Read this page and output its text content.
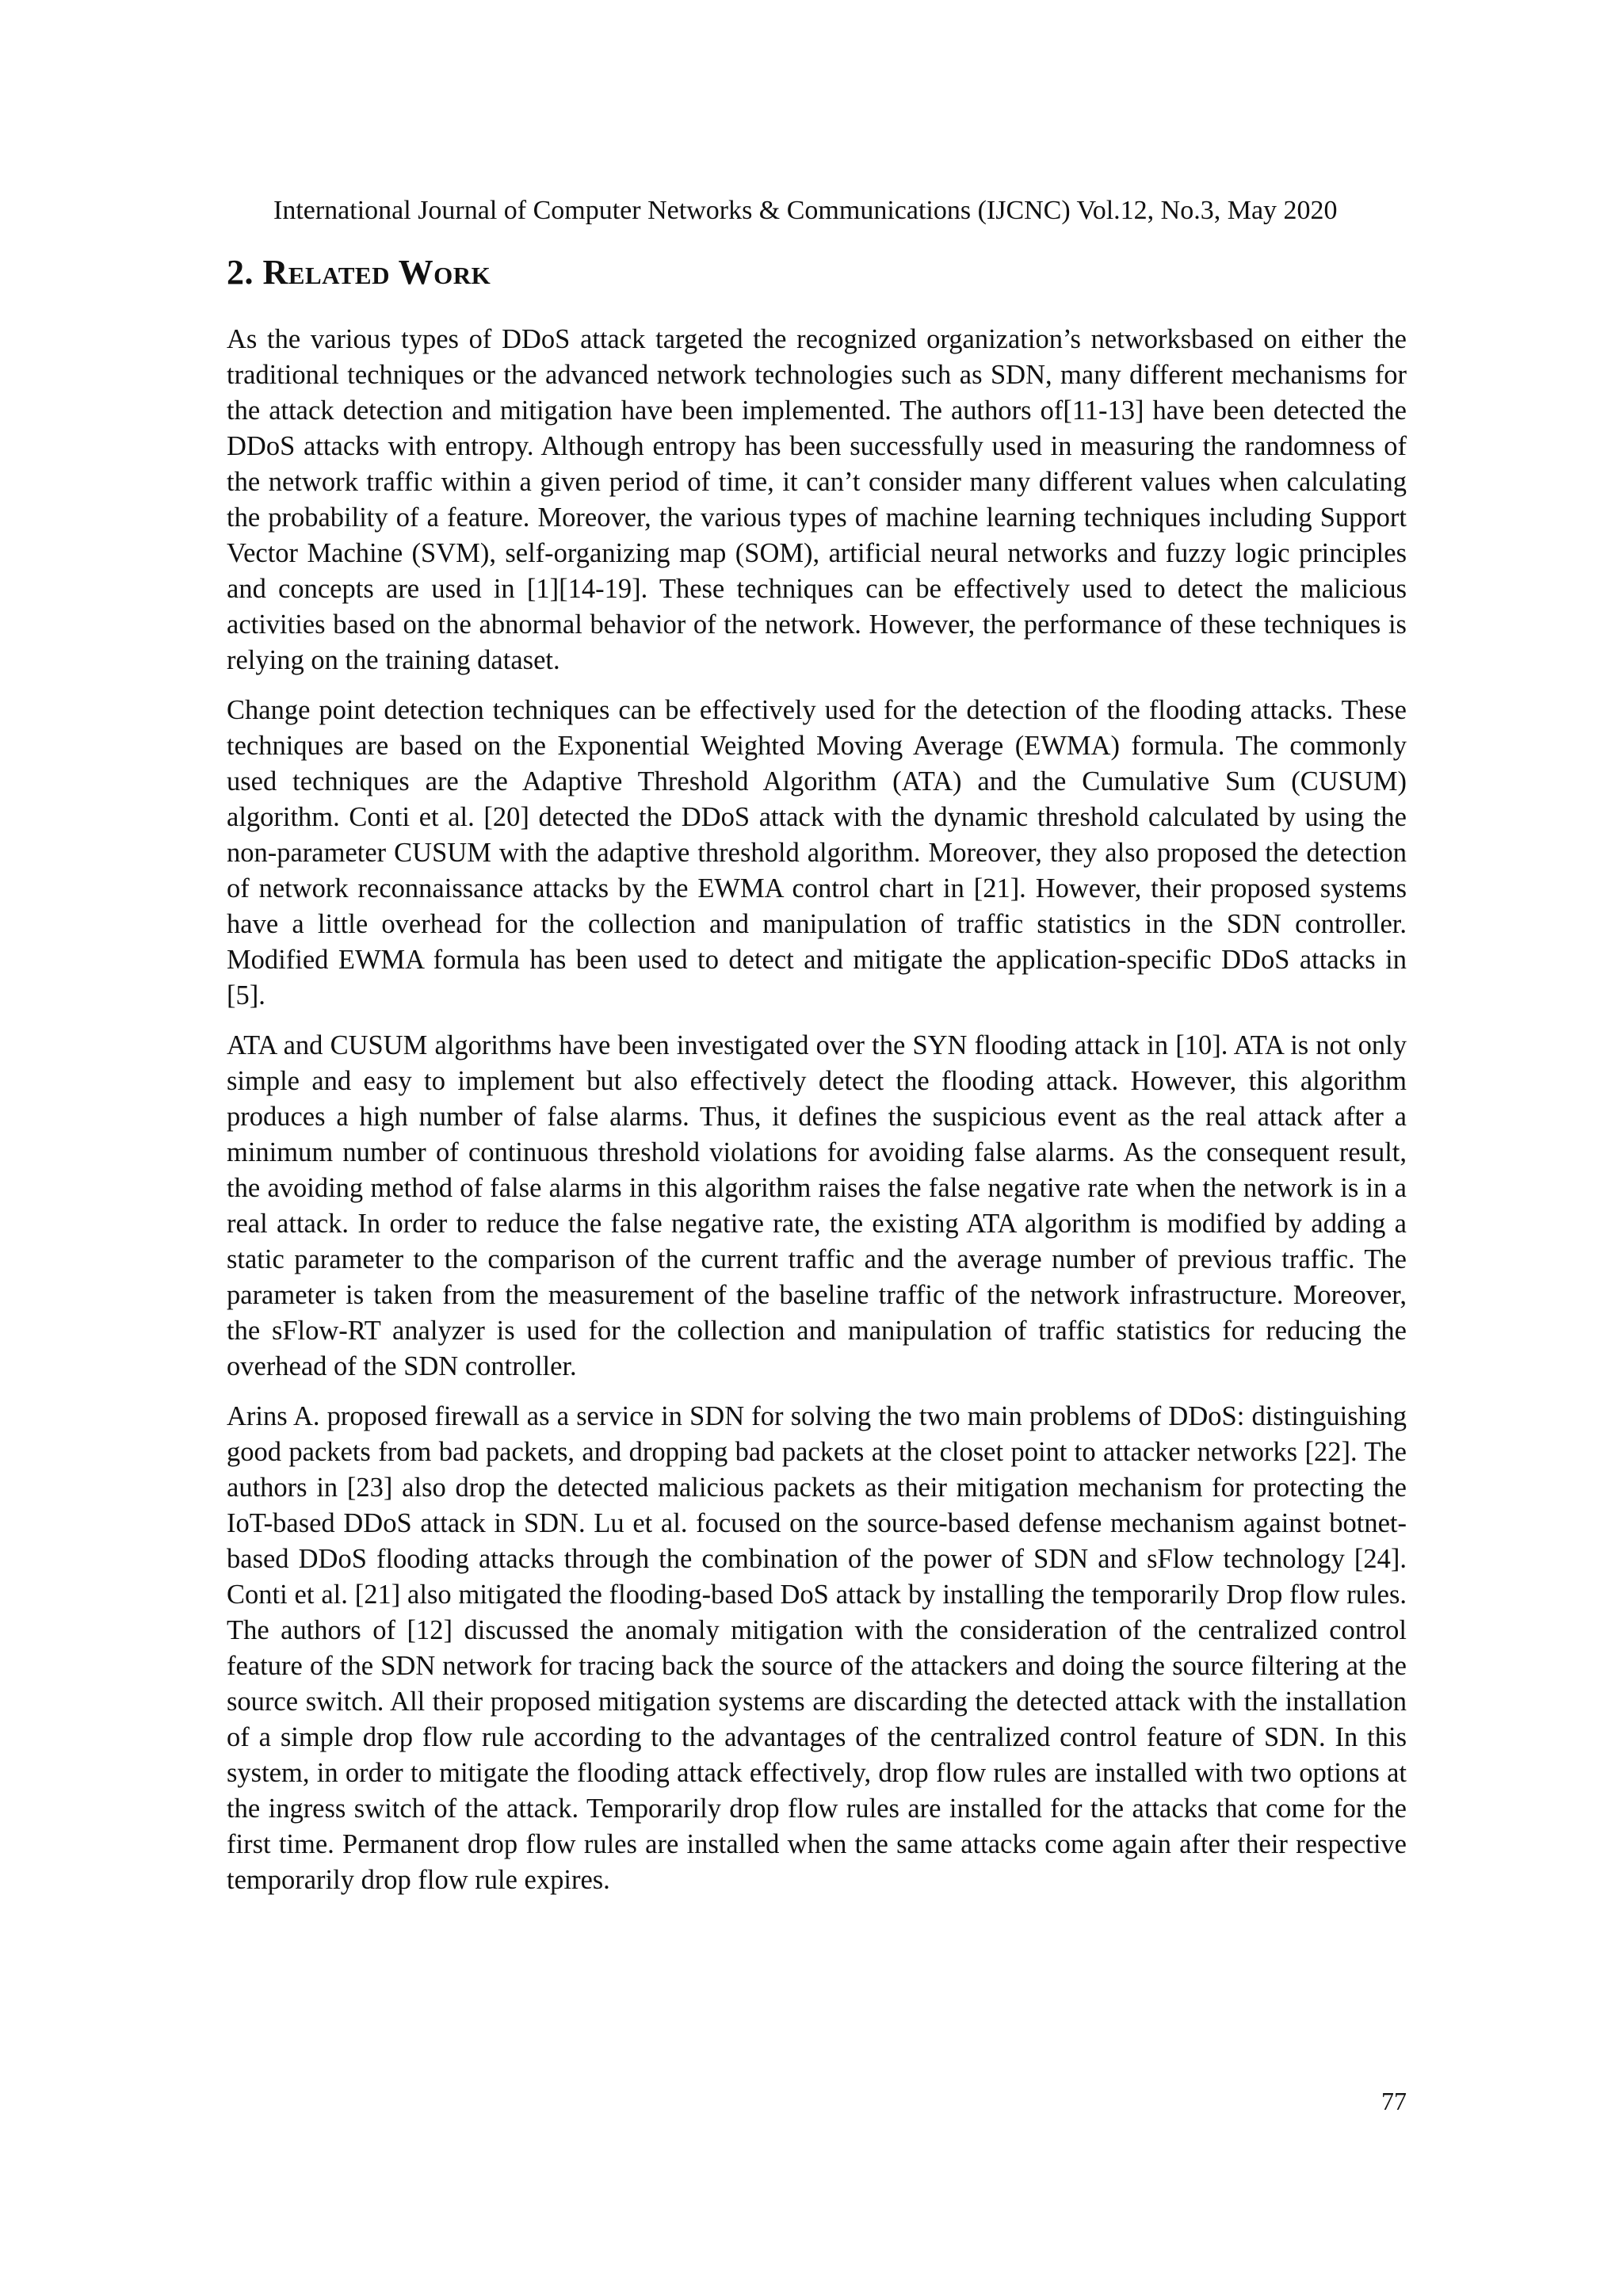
International Journal of Computer Networks & Communications (IJCNC) Vol.12, No.3, May 2020
2. Related Work

As the various types of DDoS attack targeted the recognized organization’s networksbased on either the traditional techniques or the advanced network technologies such as SDN, many different mechanisms for the attack detection and mitigation have been implemented. The authors of[11-13] have been detected the DDoS attacks with entropy. Although entropy has been successfully used in measuring the randomness of the network traffic within a given period of time, it can’t consider many different values when calculating the probability of a feature. Moreover, the various types of machine learning techniques including Support Vector Machine (SVM), self-organizing map (SOM), artificial neural networks and fuzzy logic principles and concepts are used in [1][14-19]. These techniques can be effectively used to detect the malicious activities based on the abnormal behavior of the network. However, the performance of these techniques is relying on the training dataset.

Change point detection techniques can be effectively used for the detection of the flooding attacks. These techniques are based on the Exponential Weighted Moving Average (EWMA) formula. The commonly used techniques are the Adaptive Threshold Algorithm (ATA) and the Cumulative Sum (CUSUM) algorithm. Conti et al. [20] detected the DDoS attack with the dynamic threshold calculated by using the non-parameter CUSUM with the adaptive threshold algorithm. Moreover, they also proposed the detection of network reconnaissance attacks by the EWMA control chart in [21]. However, their proposed systems have a little overhead for the collection and manipulation of traffic statistics in the SDN controller. Modified EWMA formula has been used to detect and mitigate the application-specific DDoS attacks in [5].

ATA and CUSUM algorithms have been investigated over the SYN flooding attack in [10]. ATA is not only simple and easy to implement but also effectively detect the flooding attack. However, this algorithm produces a high number of false alarms. Thus, it defines the suspicious event as the real attack after a minimum number of continuous threshold violations for avoiding false alarms. As the consequent result, the avoiding method of false alarms in this algorithm raises the false negative rate when the network is in a real attack. In order to reduce the false negative rate, the existing ATA algorithm is modified by adding a static parameter to the comparison of the current traffic and the average number of previous traffic. The parameter is taken from the measurement of the baseline traffic of the network infrastructure. Moreover, the sFlow-RT analyzer is used for the collection and manipulation of traffic statistics for reducing the overhead of the SDN controller.

Arins A. proposed firewall as a service in SDN for solving the two main problems of DDoS: distinguishing good packets from bad packets, and dropping bad packets at the closet point to attacker networks [22]. The authors in [23] also drop the detected malicious packets as their mitigation mechanism for protecting the IoT-based DDoS attack in SDN. Lu et al. focused on the source-based defense mechanism against botnet-based DDoS flooding attacks through the combination of the power of SDN and sFlow technology [24]. Conti et al. [21] also mitigated the flooding-based DoS attack by installing the temporarily Drop flow rules. The authors of [12] discussed the anomaly mitigation with the consideration of the centralized control feature of the SDN network for tracing back the source of the attackers and doing the source filtering at the source switch. All their proposed mitigation systems are discarding the detected attack with the installation of a simple drop flow rule according to the advantages of the centralized control feature of SDN. In this system, in order to mitigate the flooding attack effectively, drop flow rules are installed with two options at the ingress switch of the attack. Temporarily drop flow rules are installed for the attacks that come for the first time. Permanent drop flow rules are installed when the same attacks come again after their respective temporarily drop flow rule expires.

77
